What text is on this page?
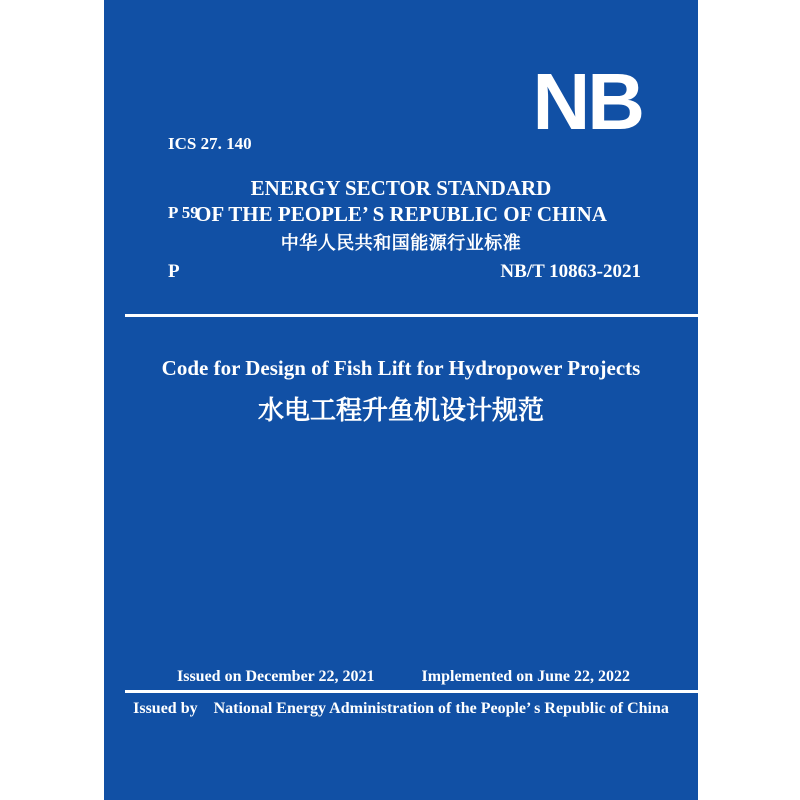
ICS 27. 140

P 59

NB
ENERGY SECTOR STANDARD
OF THE PEOPLE’ S REPUBLIC OF CHINA
中华人民共和国能源行业标准
P	NB/T 10863-2021
Code for Design of Fish Lift for Hydropower Projects
水电工程升鱼机设计规范
Issued on December 22, 2021	Implemented on June 22, 2022
Issued by National Energy Administration of the People’ s Republic of China
